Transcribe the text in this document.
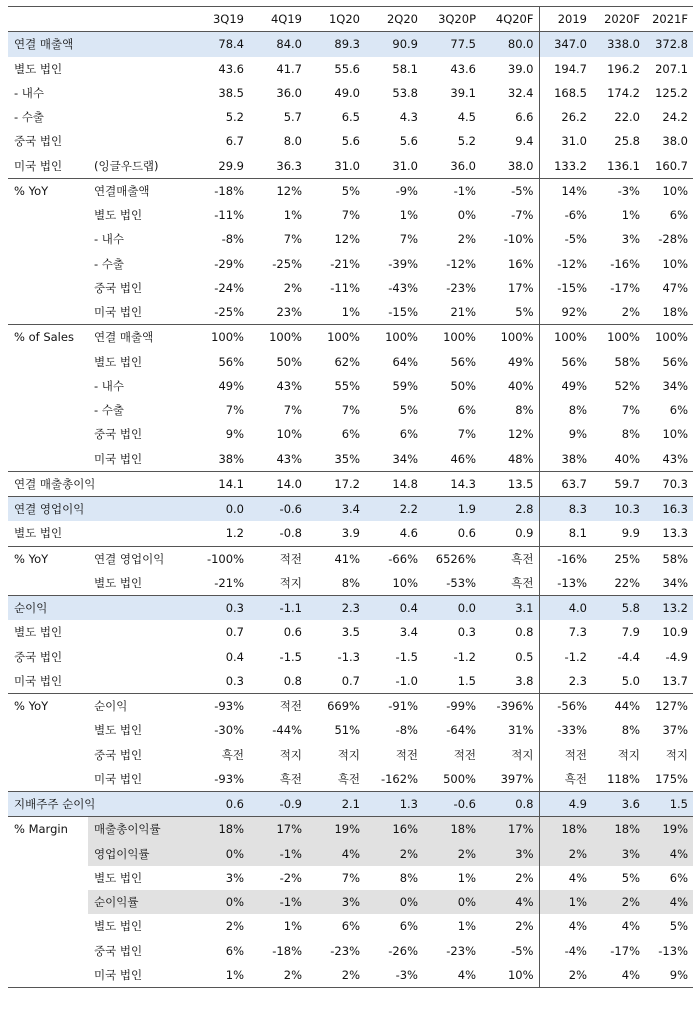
		3Q19	4Q19	1Q20	2Q20	3Q20P	4Q20F	2019	2020F	2021F
연결 매출액		78.4	84.0	89.3	90.9	77.5	80.0	347.0	338.0	372.8
별도 법인		43.6	41.7	55.6	58.1	43.6	39.0	194.7	196.2	207.1
- 내수		38.5	36.0	49.0	53.8	39.1	32.4	168.5	174.2	125.2
- 수출		5.2	5.7	6.5	4.3	4.5	6.6	26.2	22.0	24.2
중국 법인		6.7	8.0	5.6	5.6	5.2	9.4	31.0	25.8	38.0
미국 법인	(잉글우드랩)	29.9	36.3	31.0	31.0	36.0	38.0	133.2	136.1	160.7
% YoY	연결매출액	-18%	12%	5%	-9%	-1%	-5%	14%	-3%	10%
	별도 법인	-11%	1%	7%	1%	0%	-7%	-6%	1%	6%
	- 내수	-8%	7%	12%	7%	2%	-10%	-5%	3%	-28%
	- 수출	-29%	-25%	-21%	-39%	-12%	16%	-12%	-16%	10%
	중국 법인	-24%	2%	-11%	-43%	-23%	17%	-15%	-17%	47%
	미국 법인	-25%	23%	1%	-15%	21%	5%	92%	2%	18%
% of Sales	연결 매출액	100%	100%	100%	100%	100%	100%	100%	100%	100%
	별도 법인	56%	50%	62%	64%	56%	49%	56%	58%	56%
	- 내수	49%	43%	55%	59%	50%	40%	49%	52%	34%
	- 수출	7%	7%	7%	5%	6%	8%	8%	7%	6%
	중국 법인	9%	10%	6%	6%	7%	12%	9%	8%	10%
	미국 법인	38%	43%	35%	34%	46%	48%	38%	40%	43%
연결 매출총이익		14.1	14.0	17.2	14.8	14.3	13.5	63.7	59.7	70.3
연결 영업이익		0.0	-0.6	3.4	2.2	1.9	2.8	8.3	10.3	16.3
별도 법인		1.2	-0.8	3.9	4.6	0.6	0.9	8.1	9.9	13.3
% YoY	연결 영업이익	-100%	적전	41%	-66%	6526%	흑전	-16%	25%	58%
	별도 법인	-21%	적지	8%	10%	-53%	흑전	-13%	22%	34%
순이익		0.3	-1.1	2.3	0.4	0.0	3.1	4.0	5.8	13.2
별도 법인		0.7	0.6	3.5	3.4	0.3	0.8	7.3	7.9	10.9
중국 법인		0.4	-1.5	-1.3	-1.5	-1.2	0.5	-1.2	-4.4	-4.9
미국 법인		0.3	0.8	0.7	-1.0	1.5	3.8	2.3	5.0	13.7
% YoY	순이익	-93%	적전	669%	-91%	-99%	-396%	-56%	44%	127%
	별도 법인	-30%	-44%	51%	-8%	-64%	31%	-33%	8%	37%
	중국 법인	흑전	적지	적지	적전	적전	적지	적전	적지	적지
	미국 법인	-93%	흑전	흑전	-162%	500%	397%	흑전	118%	175%
지배주주 순이익		0.6	-0.9	2.1	1.3	-0.6	0.8	4.9	3.6	1.5
% Margin	매출총이익률	18%	17%	19%	16%	18%	17%	18%	18%	19%
	영업이익률	0%	-1%	4%	2%	2%	3%	2%	3%	4%
	별도 법인	3%	-2%	7%	8%	1%	2%	4%	5%	6%
	순이익률	0%	-1%	3%	0%	0%	4%	1%	2%	4%
	별도 법인	2%	1%	6%	6%	1%	2%	4%	4%	5%
	중국 법인	6%	-18%	-23%	-26%	-23%	-5%	-4%	-17%	-13%
	미국 법인	1%	2%	2%	-3%	4%	10%	2%	4%	9%
